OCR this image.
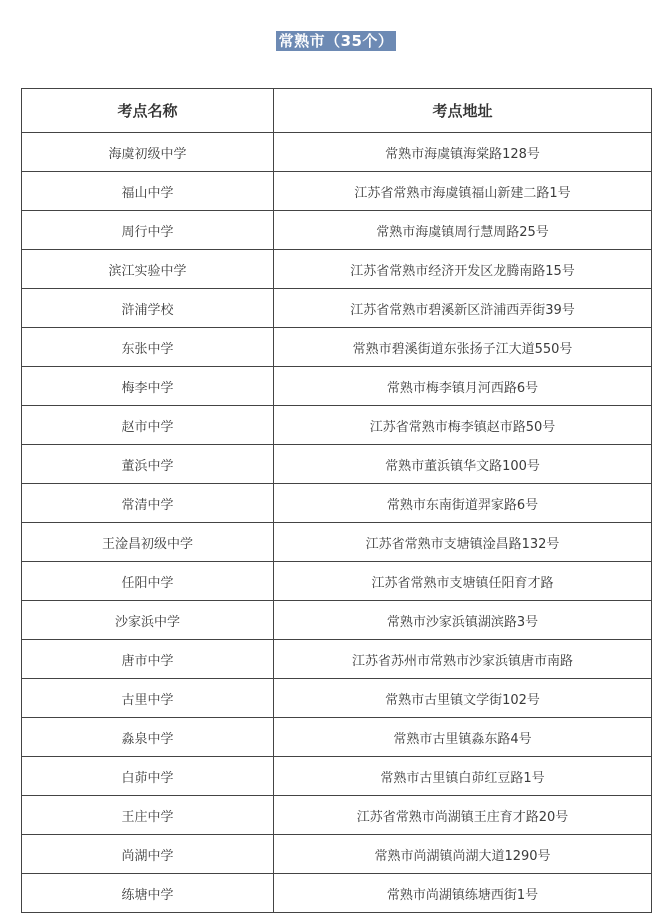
常熟市（35个）
考点名称	考点地址
海虞初级中学	常熟市海虞镇海棠路128号
福山中学	江苏省常熟市海虞镇福山新建二路1号
周行中学	常熟市海虞镇周行慧周路25号
滨江实验中学	江苏省常熟市经济开发区龙腾南路15号
浒浦学校	江苏省常熟市碧溪新区浒浦西弄街39号
东张中学	常熟市碧溪街道东张扬子江大道550号
梅李中学	常熟市梅李镇月河西路6号
赵市中学	江苏省常熟市梅李镇赵市路50号
董浜中学	常熟市董浜镇华文路100号
常清中学	常熟市东南街道羿家路6号
王淦昌初级中学	江苏省常熟市支塘镇淦昌路132号
任阳中学	江苏省常熟市支塘镇任阳育才路
沙家浜中学	常熟市沙家浜镇湖滨路3号
唐市中学	江苏省苏州市常熟市沙家浜镇唐市南路
古里中学	常熟市古里镇文学街102号
淼泉中学	常熟市古里镇淼东路4号
白茆中学	常熟市古里镇白茆红豆路1号
王庄中学	江苏省常熟市尚湖镇王庄育才路20号
尚湖中学	常熟市尚湖镇尚湖大道1290号
练塘中学	常熟市尚湖镇练塘西街1号
